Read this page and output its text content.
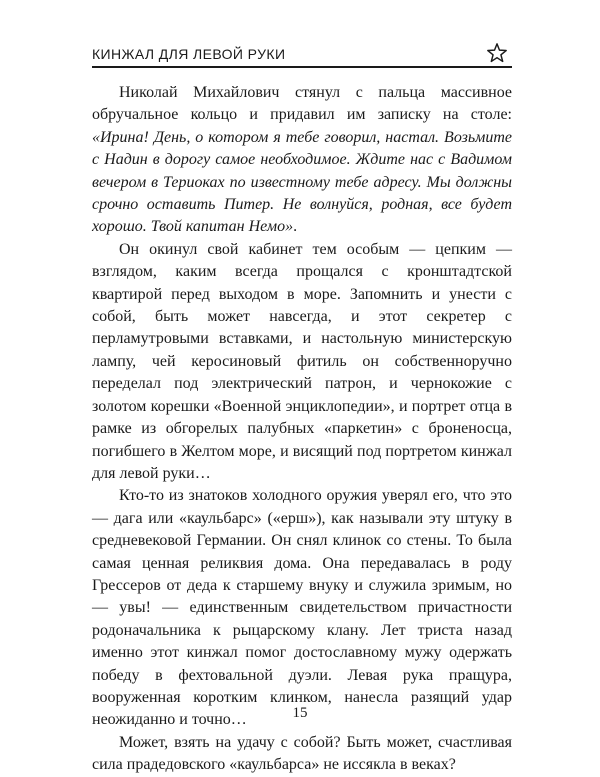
КИНЖАЛ ДЛЯ ЛЕВОЙ РУКИ

Николай Михайлович стянул с пальца массивное обручальное кольцо и придавил им записку на столе: «Ирина! День, о котором я тебе говорил, настал. Возьмите с Надин в дорогу самое необходимое. Ждите нас с Вадимом вечером в Териоках по известному тебе адресу. Мы должны срочно оставить Питер. Не волнуйся, родная, все будет хорошо. Твой капитан Немо».

Он окинул свой кабинет тем особым — цепким — взглядом, каким всегда прощался с кронштадтской квартирой перед выходом в море. Запомнить и унести с собой, быть может навсегда, и этот секретер с перламутровыми вставками, и настольную министерскую лампу, чей керосиновый фитиль он собственноручно переделал под электрический патрон, и чернокожие с золотом корешки «Военной энциклопедии», и портрет отца в рамке из обгорелых палубных «паркетин» с броненосца, погибшего в Желтом море, и висящий под портретом кинжал для левой руки…

Кто-то из знатоков холодного оружия уверял его, что это — дага или «каульбарс» («ерш»), как называли эту штуку в средневековой Германии. Он снял клинок со стены. То была самая ценная реликвия дома. Она передавалась в роду Грессеров от деда к старшему внуку и служила зримым, но — увы! — единственным свидетельством причастности родоначальника к рыцарскому клану. Лет триста назад именно этот кинжал помог достославному мужу одержать победу в фехтовальной дуэли. Левая рука пращура, вооруженная коротким клинком, нанесла разящий удар неожиданно и точно…

Может, взять на удачу с собой? Быть может, счастливая сила прадедовского «каульбарса» не иссякла в веках?

15
